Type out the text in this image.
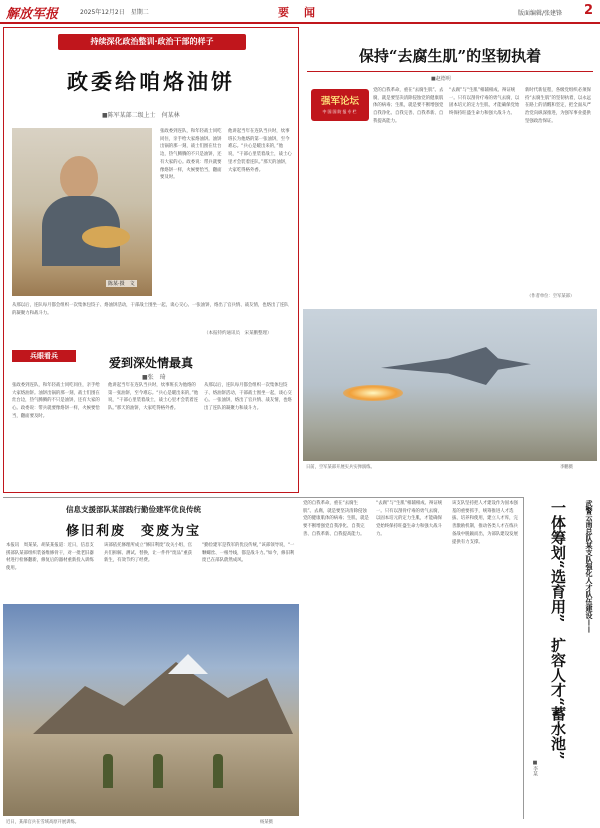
解放军报	2025年12月2日　星期二	要　闻	版面编辑/张建锋 2
持续深化政治整训·政治干部的样子
政委给咱烙油饼
■陈军某部二级上士　何某林
陈某·摄　文
张政委到连队，和年轻战士同吃同住，亲手给大家烙油饼。油饼出锅的那一刻，战士们围在灶台边，热气腾腾的不只是油饼，还有大家的心。政委说：带兵就要像烙饼一样，火候要恰当，翻面要及时。
他讲起当年在连队当兵时，炊事班长为他烙的第一张油饼，至今难忘。“兵心是暖出来的，”他说，“干部心里装着战士，战士心里才会装着连队。”那天的油饼，大家吃得格外香。
从那以后，连队每月都会组织一次集体包饺子、烙油饼活动，干部战士围坐一起，谈心交心。一张油饼，烙出了官兵情、战友情，也烙出了连队的凝聚力和战斗力。
（本报特约通讯员　宋某鹏整理）
兵眼看兵	爱到深处情最真
■张　琦
张政委到连队，和年轻战士同吃同住，亲手给大家烙油饼。油饼出锅的那一刻，战士们围在灶台边，热气腾腾的不只是油饼，还有大家的心。政委说：带兵就要像烙饼一样，火候要恰当，翻面要及时。
他讲起当年在连队当兵时，炊事班长为他烙的第一张油饼，至今难忘。“兵心是暖出来的，”他说，“干部心里装着战士，战士心里才会装着连队。”那天的油饼，大家吃得格外香。
从那以后，连队每月都会组织一次集体包饺子、烙油饼活动，干部战士围坐一起，谈心交心。一张油饼，烙出了官兵情、战友情，也烙出了连队的凝聚力和战斗力。
保持“去腐生肌”的坚韧执着
■赵德明
强军论坛
中国国防报专栏
党的自我革命，重在“去腐生肌”。去腐，就是要坚决清除侵蚀党的健康肌体的病毒；生肌，就是要不断增强党自我净化、自我完善、自我革新、自我提高能力。
“去腐”与“生肌”相辅相成、辩证统一。只有以刮骨疗毒的勇气去腐，以固本培元的定力生肌，才能确保党始终保持旺盛生命力和强大战斗力。
新时代新征程，各级党组织必须保持“去腐生肌”的坚韧执着，以永远在路上的清醒和坚定，把全面从严治党向纵深推进，为强军事业提供坚强政治保证。
（作者单位：空军某部）
日前，空军某部开展实兵实弹演练。	李鹏摄
信息支援部队某部践行勤俭建军优良传统
修旧利废　变废为宝
本报讯　周某某、胡某某报道：近日，信息支援部队某部组织装备维修骨干，对一批老旧器材进行检修翻新，修复后的器材重新投入训练使用。
该部依托修理所成立“修旧利废”攻关小组，官兵们拆解、测试、替换，让一件件“废品”重获新生，有效节约了经费。
“勤俭建军是我军的优良传统，”该部领导说，“一颗螺丝、一根导线，都是战斗力。”如今，修旧利废已在部队蔚然成风。
近日，某部官兵在雪域高原开展训练。	杨某摄
党的自我革命，重在“去腐生肌”。去腐，就是要坚决清除侵蚀党的健康肌体的病毒；生肌，就是要不断增强党自我净化、自我完善、自我革新、自我提高能力。
“去腐”与“生肌”相辅相成、辩证统一。只有以刮骨疗毒的勇气去腐，以固本培元的定力生肌，才能确保党始终保持旺盛生命力和强大战斗力。
该支队坚持把人才建设作为固本强基的重要抓手，统筹推进人才选拔、培养和使用，建立人才库，完善激励机制，推动各类人才在练兵备战中脱颖而出，为部队建设发展提供有力支撑。	武警云南总队某支队强化人才队伍建设——
一体筹划“选育用”　扩容人才“蓄水池”
■李某
